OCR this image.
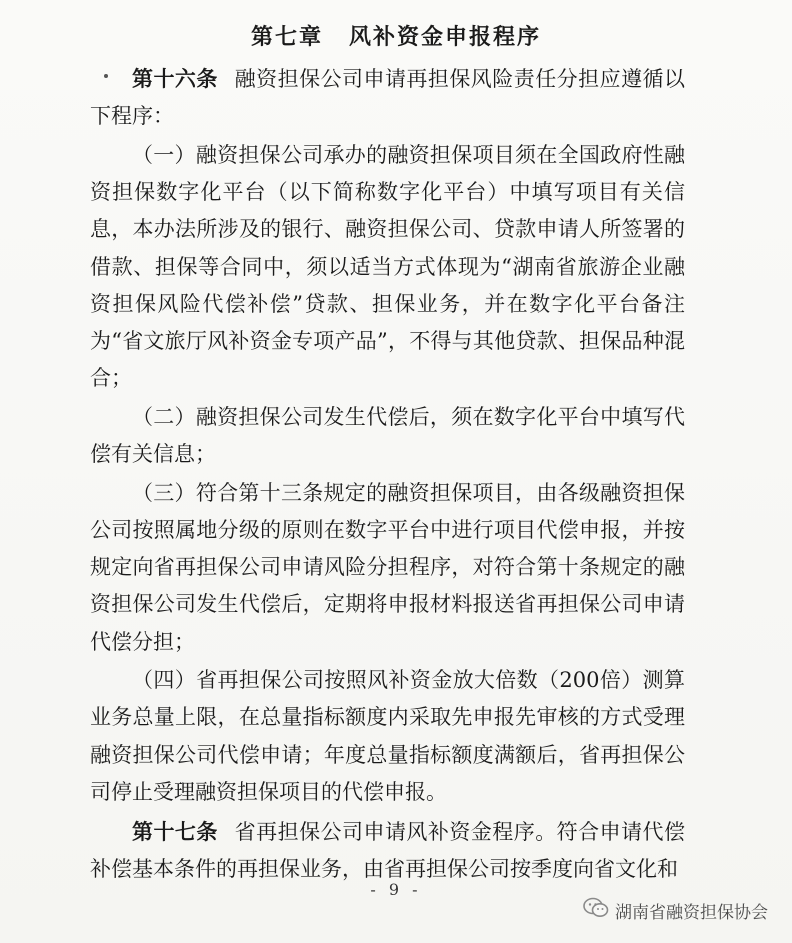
第七章 风补资金申报程序

第十六条 融资担保公司申请再担保风险责任分担应遵循以下程序：

（一）融资担保公司承办的融资担保项目须在全国政府性融资担保数字化平台（以下简称数字化平台）中填写项目有关信息，本办法所涉及的银行、融资担保公司、贷款申请人所签署的借款、担保等合同中，须以适当方式体现为“湖南省旅游企业融资担保风险代偿补偿”贷款、担保业务，并在数字化平台备注为“省文旅厅风补资金专项产品”，不得与其他贷款、担保品种混合；

（二）融资担保公司发生代偿后，须在数字化平台中填写代偿有关信息；

（三）符合第十三条规定的融资担保项目，由各级融资担保公司按照属地分级的原则在数字平台中进行项目代偿申报，并按规定向省再担保公司申请风险分担程序，对符合第十条规定的融资担保公司发生代偿后，定期将申报材料报送省再担保公司申请代偿分担；

（四）省再担保公司按照风补资金放大倍数（200倍）测算业务总量上限，在总量指标额度内采取先申报先审核的方式受理融资担保公司代偿申请；年度总量指标额度满额后，省再担保公司停止受理融资担保项目的代偿申报。

第十七条 省再担保公司申请风补资金程序。符合申请代偿补偿基本条件的再担保业务，由省再担保公司按季度向省文化和

- 9 -
湖南省融资担保协会
